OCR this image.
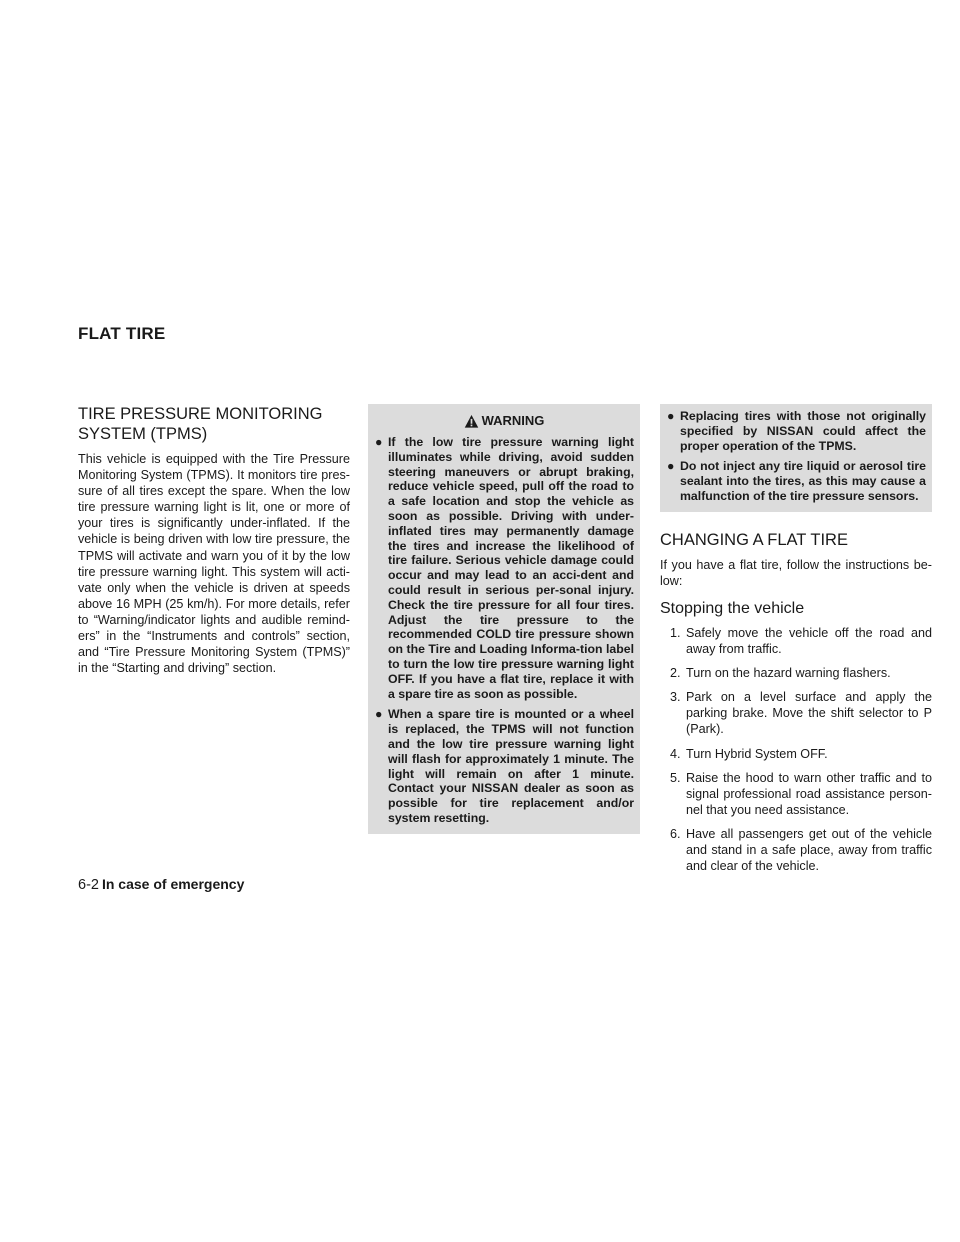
FLAT TIRE
TIRE PRESSURE MONITORING
SYSTEM (TPMS)

This vehicle is equipped with the Tire Pressure Monitoring System (TPMS). It monitors tire pres-sure of all tires except the spare. When the low tire pressure warning light is lit, one or more of your tires is significantly under-inflated. If the vehicle is being driven with low tire pressure, the TPMS will activate and warn you of it by the low tire pressure warning light. This system will acti-vate only when the vehicle is driven at speeds above 16 MPH (25 km/h). For more details, refer to “Warning/indicator lights and audible remind-ers” in the “Instruments and controls” section, and “Tire Pressure Monitoring System (TPMS)” in the “Starting and driving” section.

WARNING
● If the low tire pressure warning light illuminates while driving, avoid sudden steering maneuvers or abrupt braking, reduce vehicle speed, pull off the road to a safe location and stop the vehicle as soon as possible. Driving with under-inflated tires may permanently damage the tires and increase the likelihood of tire failure. Serious vehicle damage could occur and may lead to an acci-dent and could result in serious per-sonal injury. Check the tire pressure for all four tires. Adjust the tire pressure to the recommended COLD tire pressure shown on the Tire and Loading Informa-tion label to turn the low tire pressure warning light OFF. If you have a flat tire, replace it with a spare tire as soon as possible.
● When a spare tire is mounted or a wheel is replaced, the TPMS will not function and the low tire pressure warning light will flash for approximately 1 minute. The light will remain on after 1 minute. Contact your NISSAN dealer as soon as possible for tire replacement and/or system resetting.
● Replacing tires with those not originally specified by NISSAN could affect the proper operation of the TPMS.
● Do not inject any tire liquid or aerosol tire sealant into the tires, as this may cause a malfunction of the tire pressure sensors.
CHANGING A FLAT TIRE

If you have a flat tire, follow the instructions be-low:

Stopping the vehicle
1. Safely move the vehicle off the road and away from traffic.
2. Turn on the hazard warning flashers.
3. Park on a level surface and apply the parking brake. Move the shift selector to P (Park).
4. Turn Hybrid System OFF.
5. Raise the hood to warn other traffic and to signal professional road assistance person-nel that you need assistance.
6. Have all passengers get out of the vehicle and stand in a safe place, away from traffic and clear of the vehicle.
6-2 In case of emergency
